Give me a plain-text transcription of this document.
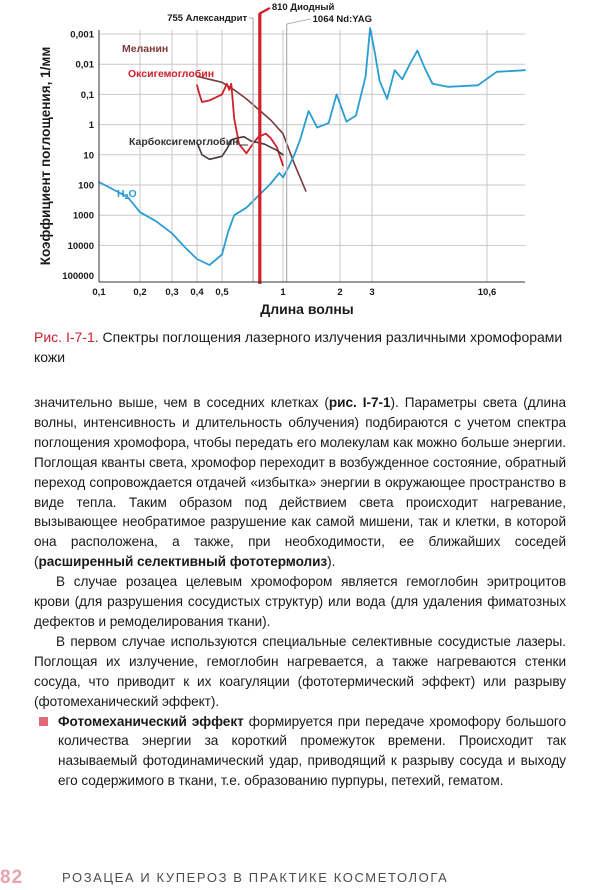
755 Александрит
810 Диодный
1064 Nd:YAG
0,1	0,2 0,3 0,4 0,5	1	2	3	10,6
0,001
0,01
0,1
1
10
100
1000
10000
100000
Меланин
Оксигемоглобин
Карбоксигемоглобин
H2O
Коэффициент поглощения, 1/мм
Длина волны
Рис. I-7-1. Спектры поглощения лазерного излучения различными хромофорами кожи

значительно выше, чем в соседних клетках (рис. I-7-1). Параметры света (длина волны, интенсивность и длительность облучения) подбираются с учетом спектра поглощения хромофора, чтобы передать его молекулам как можно больше энергии. Поглощая кванты света, хромофор переходит в возбужденное состояние, обратный переход сопровождается отдачей «избытка» энергии в окружающее пространство в виде тепла. Таким образом под действием света происходит нагревание, вызывающее необратимое разрушение как самой мишени, так и клетки, в которой она расположена, а также, при необходимости, ее ближайших соседей (расширенный селективный фототермолиз).

В случае розацеа целевым хромофором является гемоглобин эритроцитов крови (для разрушения сосудистых структур) или вода (для удаления фиматозных дефектов и ремоделирования ткани).

В первом случае используются специальные селективные сосудистые лазеры. Поглощая их излучение, гемоглобин нагревается, а также нагреваются стенки сосуда, что приводит к их коагуляции (фототермический эффект) или разрыву (фотомеханический эффект).

Фотомеханический эффект формируется при передаче хромофору большого количества энергии за короткий промежуток времени. Происходит так называемый фотодинамический удар, приводящий к разрыву сосуда и выходу его содержимого в ткани, т.е. образованию пурпуры, петехий, гематом.

82	РОЗАЦЕА И КУПЕРОЗ В ПРАКТИКЕ КОСМЕТОЛОГА
